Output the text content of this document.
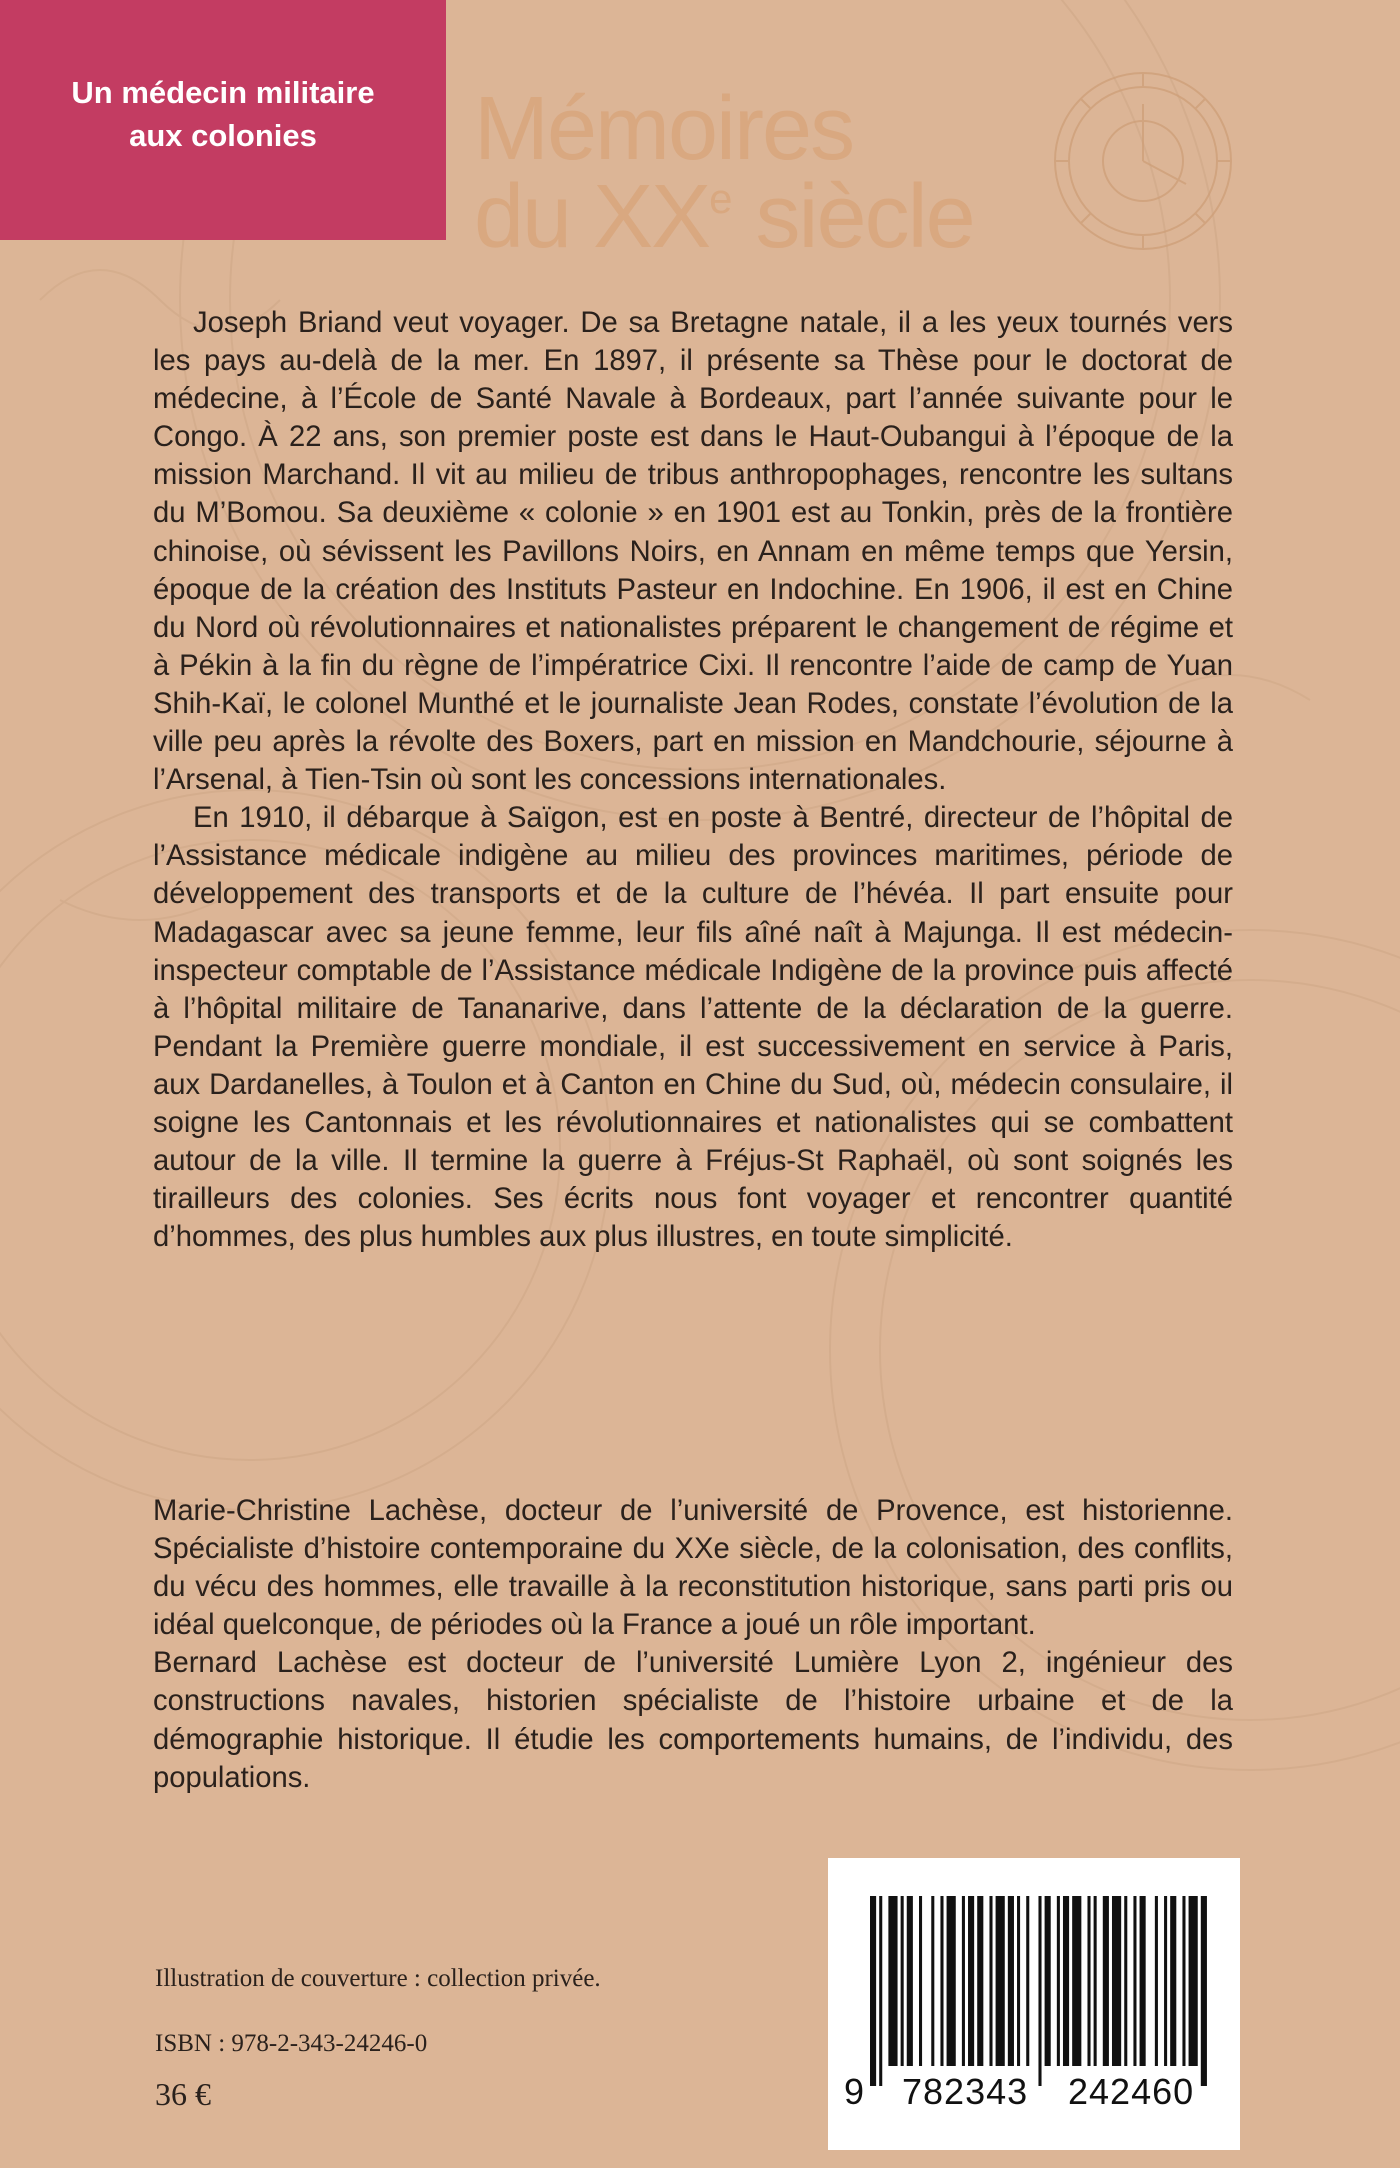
Un médecin militaire
aux colonies	Mémoires
du XXe siècle

Joseph Briand veut voyager. De sa Bretagne natale, il a les yeux tournés vers les pays au-delà de la mer. En 1897, il présente sa Thèse pour le doctorat de médecine, à l’École de Santé Navale à Bordeaux, part l’année suivante pour le Congo. À 22 ans, son premier poste est dans le Haut-Oubangui à l’époque de la mission Marchand. Il vit au milieu de tribus anthropophages, rencontre les sultans du M’Bomou. Sa deuxième « colonie » en 1901 est au Tonkin, près de la frontière chinoise, où sévissent les Pavillons Noirs, en Annam en même temps que Yersin, époque de la création des Instituts Pasteur en Indochine. En 1906, il est en Chine du Nord où révolutionnaires et nationalistes préparent le changement de régime et à Pékin à la fin du règne de l’impératrice Cixi. Il rencontre l’aide de camp de Yuan Shih-Kaï, le colonel Munthé et le journaliste Jean Rodes, constate l’évolution de la ville peu après la révolte des Boxers, part en mission en Mandchourie, séjourne à l’Arsenal, à Tien-Tsin où sont les concessions internationales.

En 1910, il débarque à Saïgon, est en poste à Bentré, directeur de l’hôpital de l’Assistance médicale indigène au milieu des provinces maritimes, période de développement des transports et de la culture de l’hévéa. Il part ensuite pour Madagascar avec sa jeune femme, leur fils aîné naît à Majunga. Il est médecin-inspecteur comptable de l’Assistance médicale Indigène de la province puis affecté à l’hôpital militaire de Tananarive, dans l’attente de la déclaration de la guerre. Pendant la Première guerre mondiale, il est successivement en service à Paris, aux Dardanelles, à Toulon et à Canton en Chine du Sud, où, médecin consulaire, il soigne les Cantonnais et les révolutionnaires et nationalistes qui se combattent autour de la ville. Il termine la guerre à Fréjus-St Raphaël, où sont soignés les tirailleurs des colonies. Ses écrits nous font voyager et rencontrer quantité d’hommes, des plus humbles aux plus illustres, en toute simplicité.

Marie-Christine Lachèse, docteur de l’université de Provence, est historienne. Spécialiste d’histoire contemporaine du XXe siècle, de la colonisation, des conflits, du vécu des hommes, elle travaille à la reconstitution historique, sans parti pris ou idéal quelconque, de périodes où la France a joué un rôle important.

Bernard Lachèse est docteur de l’université Lumière Lyon 2, ingénieur des constructions navales, historien spécialiste de l’histoire urbaine et de la démographie historique. Il étudie les comportements humains, de l’individu, des populations.

Illustration de couverture : collection privée.
ISBN : 978-2-343-24246-0
36 €	9 782343 242460
